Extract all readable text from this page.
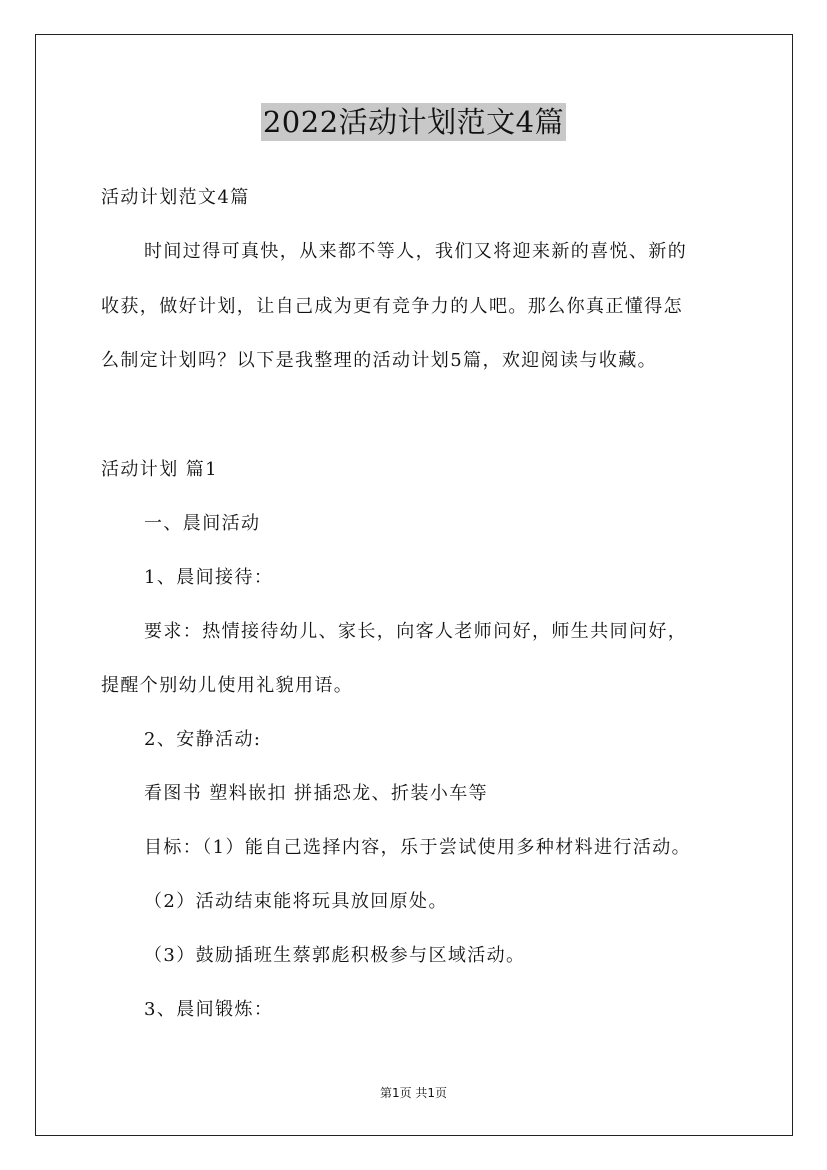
2022活动计划范文4篇
活动计划范文4篇
时间过得可真快，从来都不等人，我们又将迎来新的喜悦、新的
收获，做好计划，让自己成为更有竞争力的人吧。那么你真正懂得怎
么制定计划吗？以下是我整理的活动计划5篇，欢迎阅读与收藏。
活动计划 篇1
一、晨间活动
1、晨间接待：
要求：热情接待幼儿、家长，向客人老师问好，师生共同问好，
提醒个别幼儿使用礼貌用语。
2、安静活动:
看图书 塑料嵌扣 拼插恐龙、折装小车等
目标：（1）能自己选择内容，乐于尝试使用多种材料进行活动。
（2）活动结束能将玩具放回原处。
（3）鼓励插班生蔡郭彪积极参与区域活动。
3、晨间锻炼：
第1页 共1页
